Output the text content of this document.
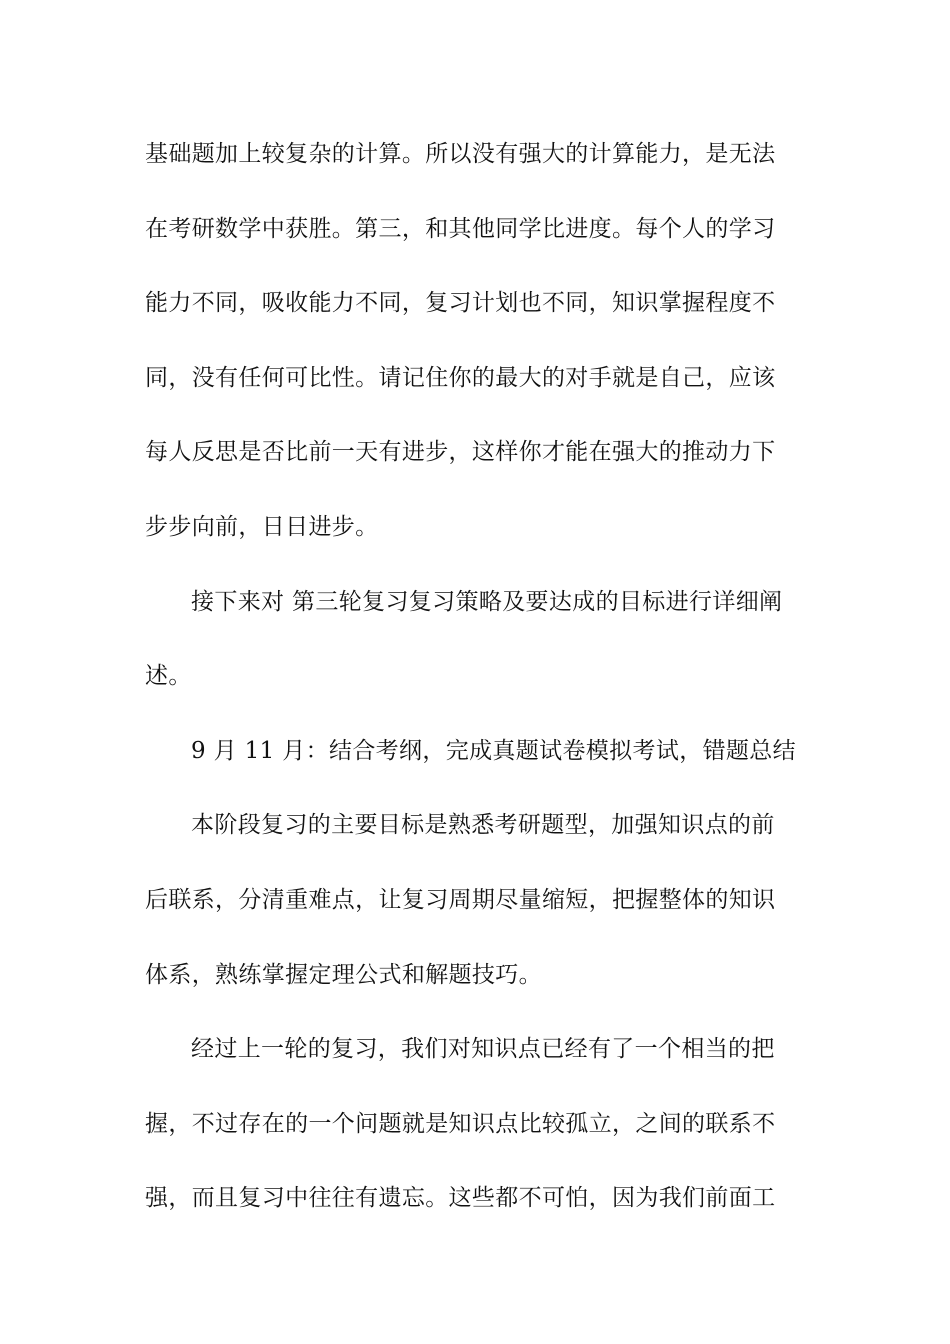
基础题加上较复杂的计算。所以没有强大的计算能力，是无法
在考研数学中获胜。第三，和其他同学比进度。每个人的学习
能力不同，吸收能力不同，复习计划也不同，知识掌握程度不
同，没有任何可比性。请记住你的最大的对手就是自己，应该
每人反思是否比前一天有进步，这样你才能在强大的推动力下
步步向前，日日进步。
接下来对 第三轮复习复习策略及要达成的目标进行详细阐
述。
9 月 11 月：结合考纲，完成真题试卷模拟考试，错题总结
本阶段复习的主要目标是熟悉考研题型，加强知识点的前
后联系，分清重难点，让复习周期尽量缩短，把握整体的知识
体系，熟练掌握定理公式和解题技巧。
经过上一轮的复习，我们对知识点已经有了一个相当的把
握，不过存在的一个问题就是知识点比较孤立，之间的联系不
强，而且复习中往往有遗忘。这些都不可怕，因为我们前面工
